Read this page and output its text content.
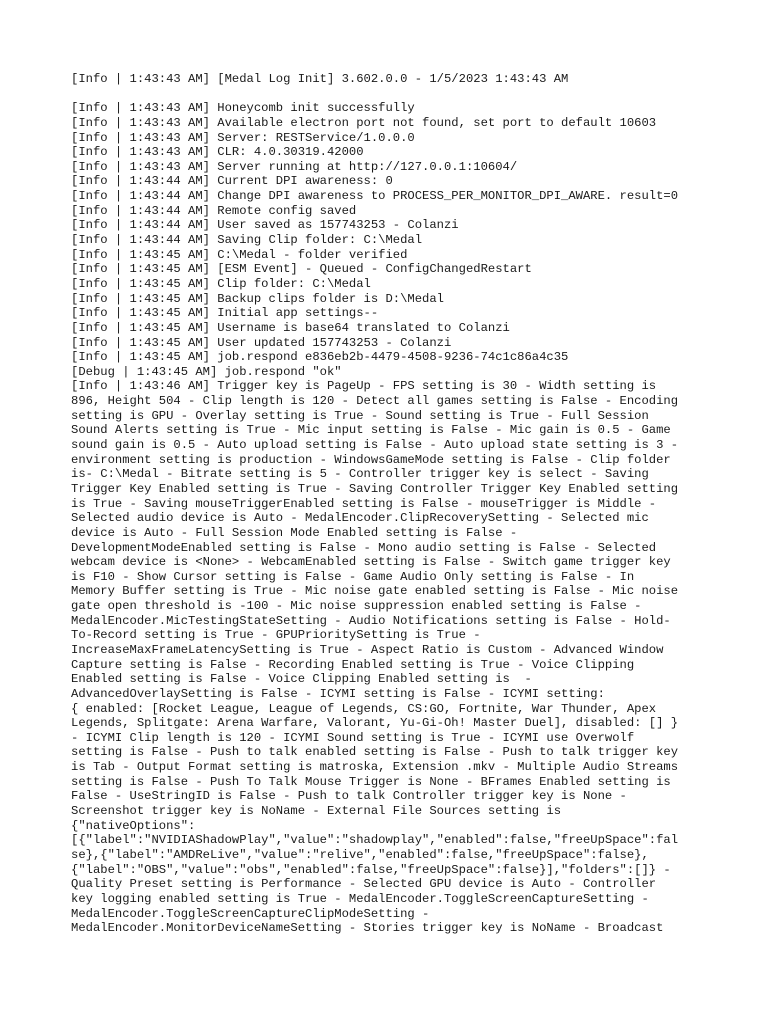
[Info | 1:43:43 AM] [Medal Log Init] 3.602.0.0 - 1/5/2023 1:43:43 AM
[Info | 1:43:43 AM] Honeycomb init successfully
[Info | 1:43:43 AM] Available electron port not found, set port to default 10603
[Info | 1:43:43 AM] Server: RESTService/1.0.0.0
[Info | 1:43:43 AM] CLR: 4.0.30319.42000
[Info | 1:43:43 AM] Server running at http://127.0.0.1:10604/
[Info | 1:43:44 AM] Current DPI awareness: 0
[Info | 1:43:44 AM] Change DPI awareness to PROCESS_PER_MONITOR_DPI_AWARE. result=0
[Info | 1:43:44 AM] Remote config saved
[Info | 1:43:44 AM] User saved as 157743253 - Colanzi
[Info | 1:43:44 AM] Saving Clip folder: C:\Medal
[Info | 1:43:45 AM] C:\Medal - folder verified
[Info | 1:43:45 AM] [ESM Event] - Queued - ConfigChangedRestart
[Info | 1:43:45 AM] Clip folder: C:\Medal
[Info | 1:43:45 AM] Backup clips folder is D:\Medal
[Info | 1:43:45 AM] Initial app settings--
[Info | 1:43:45 AM] Username is base64 translated to Colanzi
[Info | 1:43:45 AM] User updated 157743253 - Colanzi
[Info | 1:43:45 AM] job.respond e836eb2b-4479-4508-9236-74c1c86a4c35
[Debug | 1:43:45 AM] job.respond "ok"
[Info | 1:43:46 AM] Trigger key is PageUp - FPS setting is 30 - Width setting is
896, Height 504 - Clip length is 120 - Detect all games setting is False - Encoding
setting is GPU - Overlay setting is True - Sound setting is True - Full Session
Sound Alerts setting is True - Mic input setting is False - Mic gain is 0.5 - Game
sound gain is 0.5 - Auto upload setting is False - Auto upload state setting is 3 -
environment setting is production - WindowsGameMode setting is False - Clip folder
is- C:\Medal - Bitrate setting is 5 - Controller trigger key is select - Saving
Trigger Key Enabled setting is True - Saving Controller Trigger Key Enabled setting
is True - Saving mouseTriggerEnabled setting is False - mouseTrigger is Middle -
Selected audio device is Auto - MedalEncoder.ClipRecoverySetting - Selected mic
device is Auto - Full Session Mode Enabled setting is False -
DevelopmentModeEnabled setting is False - Mono audio setting is False - Selected
webcam device is <None> - WebcamEnabled setting is False - Switch game trigger key
is F10 - Show Cursor setting is False - Game Audio Only setting is False - In
Memory Buffer setting is True - Mic noise gate enabled setting is False - Mic noise
gate open threshold is -100 - Mic noise suppression enabled setting is False -
MedalEncoder.MicTestingStateSetting - Audio Notifications setting is False - Hold-
To-Record setting is True - GPUPrioritySetting is True -
IncreaseMaxFrameLatencySetting is True - Aspect Ratio is Custom - Advanced Window
Capture setting is False - Recording Enabled setting is True - Voice Clipping
Enabled setting is False - Voice Clipping Enabled setting is  -
AdvancedOverlaySetting is False - ICYMI setting is False - ICYMI setting:
{ enabled: [Rocket League, League of Legends, CS:GO, Fortnite, War Thunder, Apex
Legends, Splitgate: Arena Warfare, Valorant, Yu-Gi-Oh! Master Duel], disabled: [] }
- ICYMI Clip length is 120 - ICYMI Sound setting is True - ICYMI use Overwolf
setting is False - Push to talk enabled setting is False - Push to talk trigger key
is Tab - Output Format setting is matroska, Extension .mkv - Multiple Audio Streams
setting is False - Push To Talk Mouse Trigger is None - BFrames Enabled setting is
False - UseStringID is False - Push to talk Controller trigger key is None -
Screenshot trigger key is NoName - External File Sources setting is
{"nativeOptions":
[{"label":"NVIDIAShadowPlay","value":"shadowplay","enabled":false,"freeUpSpace":fal
se},{"label":"AMDReLive","value":"relive","enabled":false,"freeUpSpace":false},
{"label":"OBS","value":"obs","enabled":false,"freeUpSpace":false}],"folders":[]} -
Quality Preset setting is Performance - Selected GPU device is Auto - Controller
key logging enabled setting is True - MedalEncoder.ToggleScreenCaptureSetting -
MedalEncoder.ToggleScreenCaptureClipModeSetting -
MedalEncoder.MonitorDeviceNameSetting - Stories trigger key is NoName - Broadcast
